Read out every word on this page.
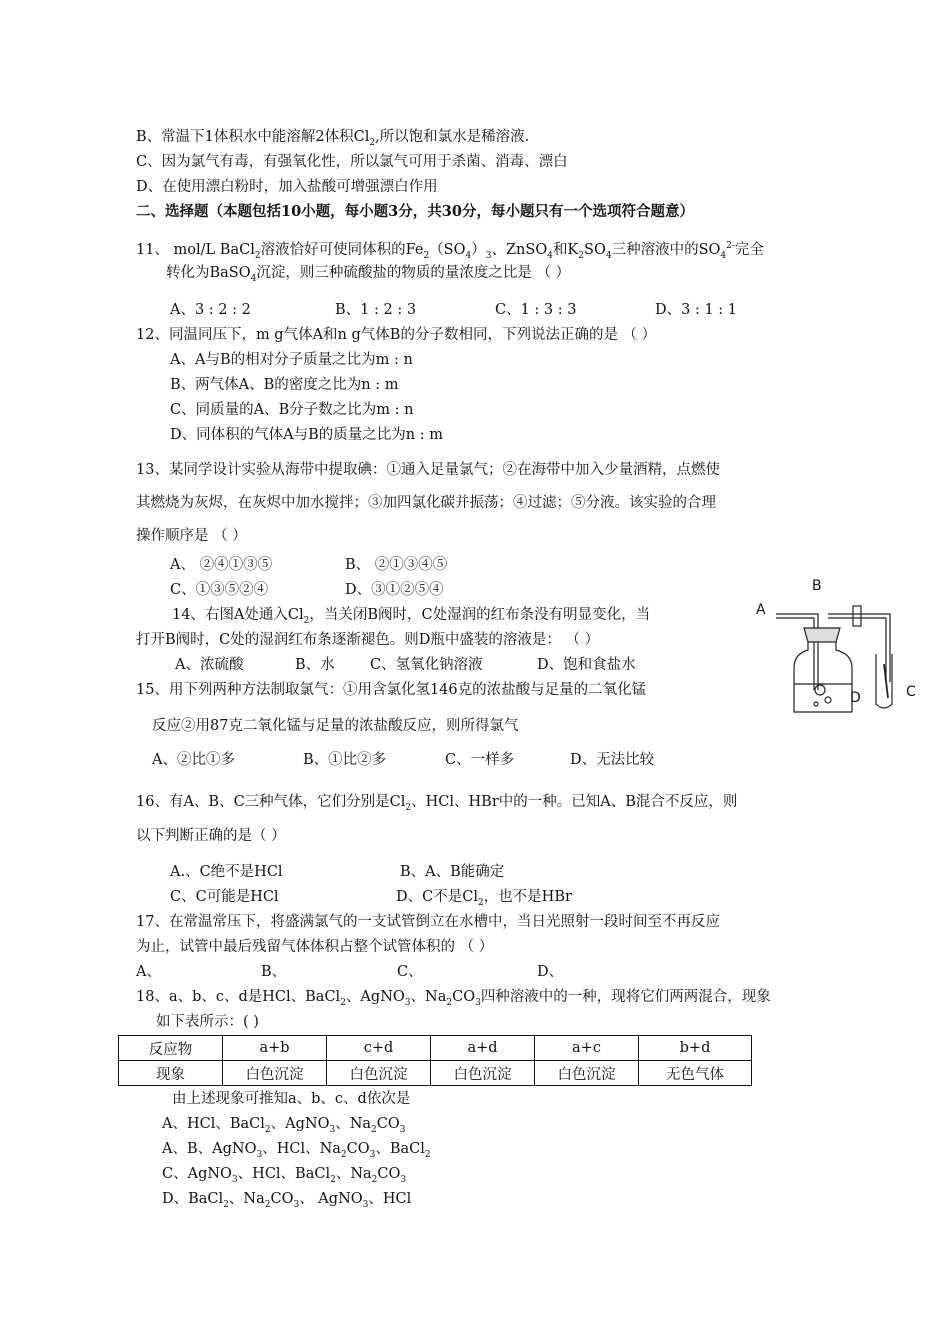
B、常温下1体积水中能溶解2体积$Cl_2$,所以饱和氯水是稀溶液.
C、因为氯气有毒，有强氧化性，所以氯气可用于杀菌、消毒、漂白
D、在使用漂白粉时，加入盐酸可增强漂白作用
二、选择题（本题包括10小题，每小题3分，共30分，每小题只有一个选项符合题意）
11、 mol/L BaCl$_2$溶液恰好可使同体积的$Fe_2(SO_4)_3$、ZnSO$_4$和$K_2SO_4$三种溶液中的$SO_4^{2-}$完全
转化为BaSO$_4$沉淀，则三种硫酸盐的物质的量浓度之比是 （ ）
A、3 : 2 : 2	B、1 : 2 : 3	C、1 : 3 : 3	D、3 : 1 : 1
12、同温同压下，m g气体A和n g气体B的分子数相同，下列说法正确的是 （ ）
A、A与B的相对分子质量之比为m : n
B、两气体A、B的密度之比为n : m
C、同质量的A、B分子数之比为m : n
D、同体积的气体A与B的质量之比为n : m
13、某同学设计实验从海带中提取碘：①通入足量氯气；②在海带中加入少量酒精，点燃使
其燃烧为灰烬，在灰烬中加水搅拌；③加四氯化碳并振荡；④过滤；⑤分液。该实验的合理
操作顺序是 （ ）
A、 ②④①③⑤	B、 ②①③④⑤
C、①③⑤②④	D、③①②⑤④
14、右图A处通入$Cl_2$，当关闭B阀时，C处湿润的红布条没有明显变化，当
打开B阀时，C处的湿润红布条逐渐褪色。则D瓶中盛装的溶液是： （ ）
A、浓硫酸	B、水 C、氢氧化钠溶液	D、饱和食盐水
A
B
C
D
15、用下列两种方法制取氯气：①用含氯化氢146克的浓盐酸与足量的二氧化锰
反应②用87克二氧化锰与足量的浓盐酸反应，则所得氯气
A、②比①多	B、①比②多	C、一样多	D、无法比较
16、有A、B、C三种气体，它们分别是$Cl_2$、HCl、HBr中的一种。已知A、B混合不反应，则
以下判断正确的是（ ）
A.、C绝不是HCl	B、A、B能确定
C、C可能是HCl	D、C不是$Cl_2$，也不是HBr
17、在常温常压下，将盛满氯气的一支试管倒立在水槽中，当日光照射一段时间至不再反应
为止，试管中最后残留气体体积占整个试管体积的 （ ）
A、	B、	C、	D、
18、a、b、c、d是HCl、BaCl$_2$、AgNO$_3$、$Na_2CO_3$四种溶液中的一种，现将它们两两混合，现象
如下表所示：( )
反应物	a+b	c+d	a+d	a+c	b+d
现象	白色沉淀	白色沉淀	白色沉淀	白色沉淀	无色气体
由上述现象可推知a、b、c、d依次是
A、HCl、BaCl$_2$、AgNO$_3$、$Na_2CO_3$
A、B、AgNO$_3$、HCl、$Na_2CO_3$、BaCl$_2$
C、AgNO$_3$、HCl、BaCl$_2$、$Na_2CO_3$
D、BaCl$_2$、$Na_2CO_3$、 AgNO$_3$、HCl
